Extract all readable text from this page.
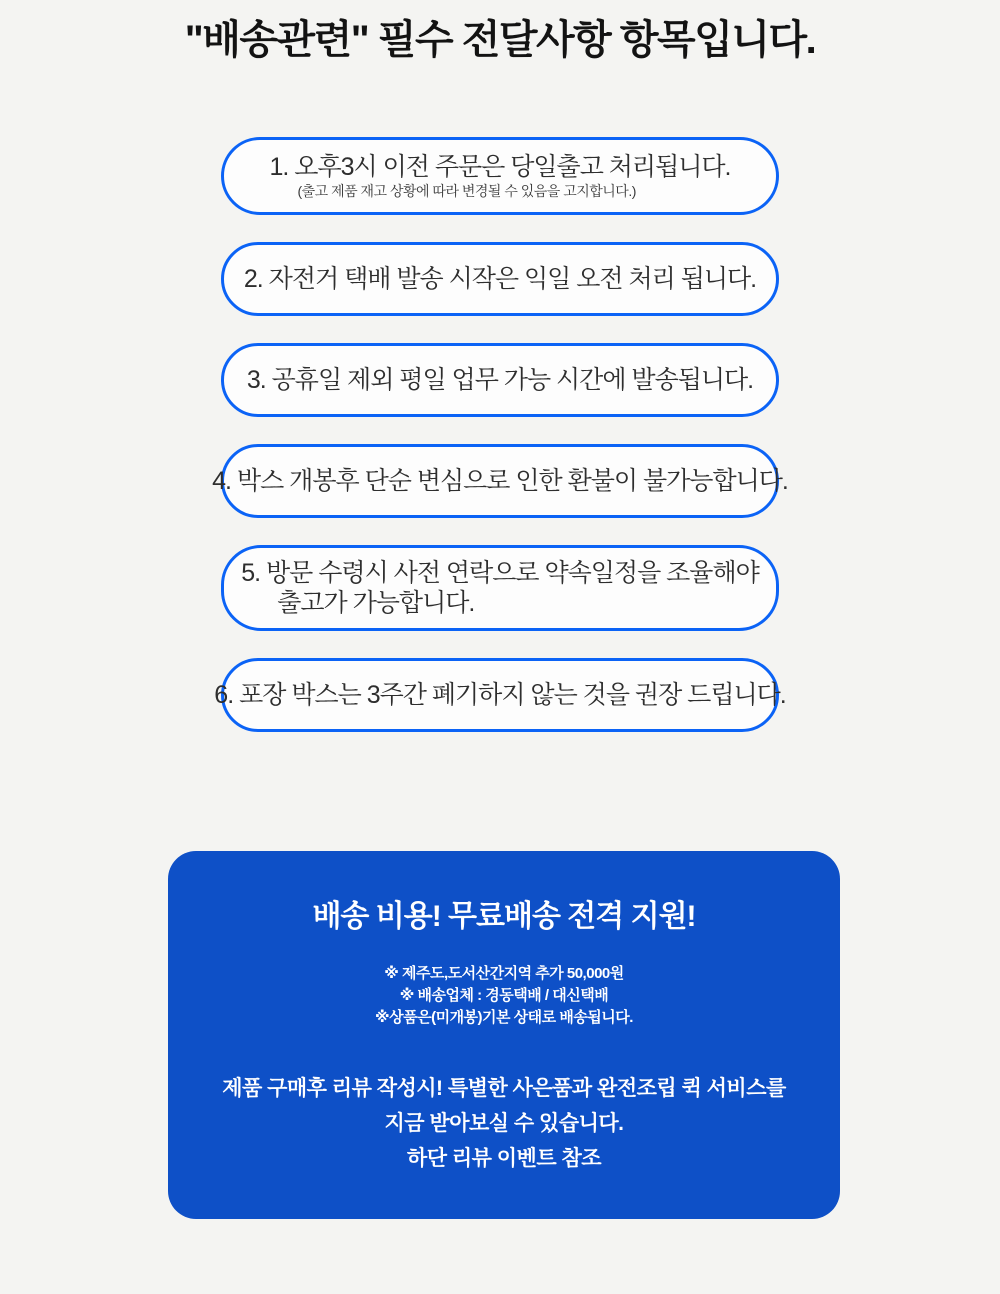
"배송관련" 필수 전달사항 항목입니다.
1. 오후3시 이전 주문은 당일출고 처리됩니다.
(출고 제품 재고 상황에 따라 변경될 수 있음을 고지합니다.)
2. 자전거 택배 발송 시작은 익일 오전 처리 됩니다.
3. 공휴일 제외 평일 업무 가능 시간에 발송됩니다.
4. 박스 개봉후 단순 변심으로 인한 환불이 불가능합니다.
5. 방문 수령시 사전 연락으로 약속일정을 조율해야
출고가 가능합니다.
6. 포장 박스는 3주간 폐기하지 않는 것을 권장 드립니다.
배송 비용! 무료배송 전격 지원!
※ 제주도,도서산간지역 추가 50,000원
※ 배송업체 : 경동택배 / 대신택배
※상품은(미개봉)기본 상태로 배송됩니다.
제품 구매후 리뷰 작성시! 특별한 사은품과 완전조립 퀵 서비스를
지금 받아보실 수 있습니다.
하단 리뷰 이벤트 참조
